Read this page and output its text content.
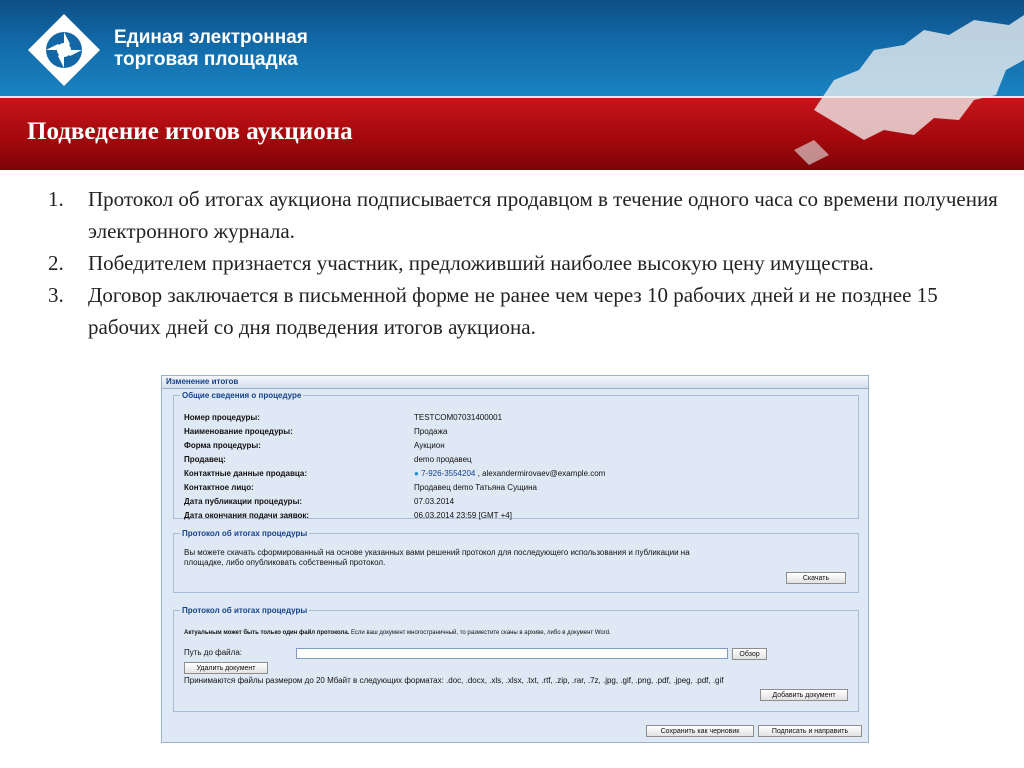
Единая электронная
торговая площадка
Подведение итогов аукциона

1. Протокол об итогах аукциона подписывается продавцом в течение одного часа со времени получения электронного журнала.

2. Победителем признается участник, предложивший наиболее высокую цену имущества.

3. Договор заключается в письменной форме не ранее чем через 10 рабочих дней и не позднее 15 рабочих дней со дня подведения итогов аукциона.

Изменение итогов
Общие сведения о процедуре
Номер процедуры:	TESTCOM07031400001
Наименование процедуры:	Продажа
Форма процедуры:	Аукцион
Продавец:	demo продавец
Контактные данные продавца:	● 7-926-3554204 , alexandermirovaev@example.com
Контактное лицо:	Продавец demo Татьяна Сущина
Дата публикации процедуры:	07.03.2014
Дата окончания подачи заявок:	06.03.2014 23:59 [GMT +4]
Протокол об итогах процедуры
Вы можете скачать сформированный на основе указанных вами решений протокол для последующего использования и публикации на
площадке, либо опубликовать собственный протокол.
Скачать
Протокол об итогах процедуры
Актуальным может быть только один файл протокола. Если ваш документ многостраничный, то разместите сканы в архиве, либо в документ Word.
Путь до файла:	Обзор
Удалить документ
Принимаются файлы размером до 20 Мбайт в следующих форматах: .doc, .docx, .xls, .xlsx, .txt, .rtf, .zip, .rar, .7z, .jpg, .gif, .png, .pdf, .jpeg, .pdf, .gif
Добавить документ
Сохранить как черновик	Подписать и направить
